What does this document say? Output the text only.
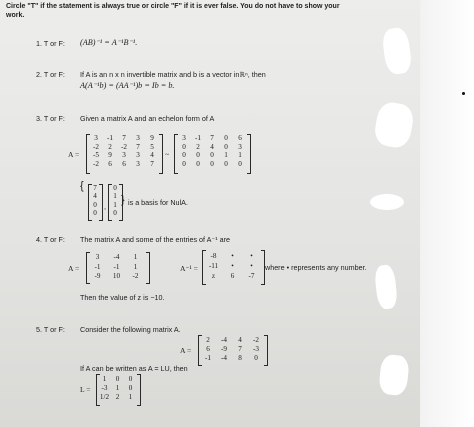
Circle "T" if the statement is always true or circle "F" if it is ever false. You do not have to show your
work.
1. T or F: (AB)⁻¹ = A⁻¹B⁻¹.
2. T or F: If A is an n x n invertible matrix and b is a vector inℝⁿ, then
A(A⁻¹b) = (AA⁻¹)b = Ib = b.
3. T or F: Given a matrix A and an echelon form of A
A =
3 -1 7 3 9
-2 2 -2 7 5
-5 9 3 3 4
-2 6 6 3 7
~
3 -1 7 0 6
0 2 4 0 3
0 0 0 1 1
0 0 0 0 0
{ 7
4
0
0
,
0
1
1
0
} is a basis for NulA.
4. T or F: The matrix A and some of the entries of A⁻¹ are
A =
3 -4 1
-1 -1 1
-9 10 -2
A⁻¹ =
-8 • •
-11 • •
z 6 -7
where • represents any number.
Then the value of z is −10.
5. T or F: Consider the following matrix A.
A =
2 -4 4 -2
6 -9 7 -3
-1 -4 8 0
If A can be written as A = LU, then
L =
1 0 0
-3 1 0
1/2 2 1
